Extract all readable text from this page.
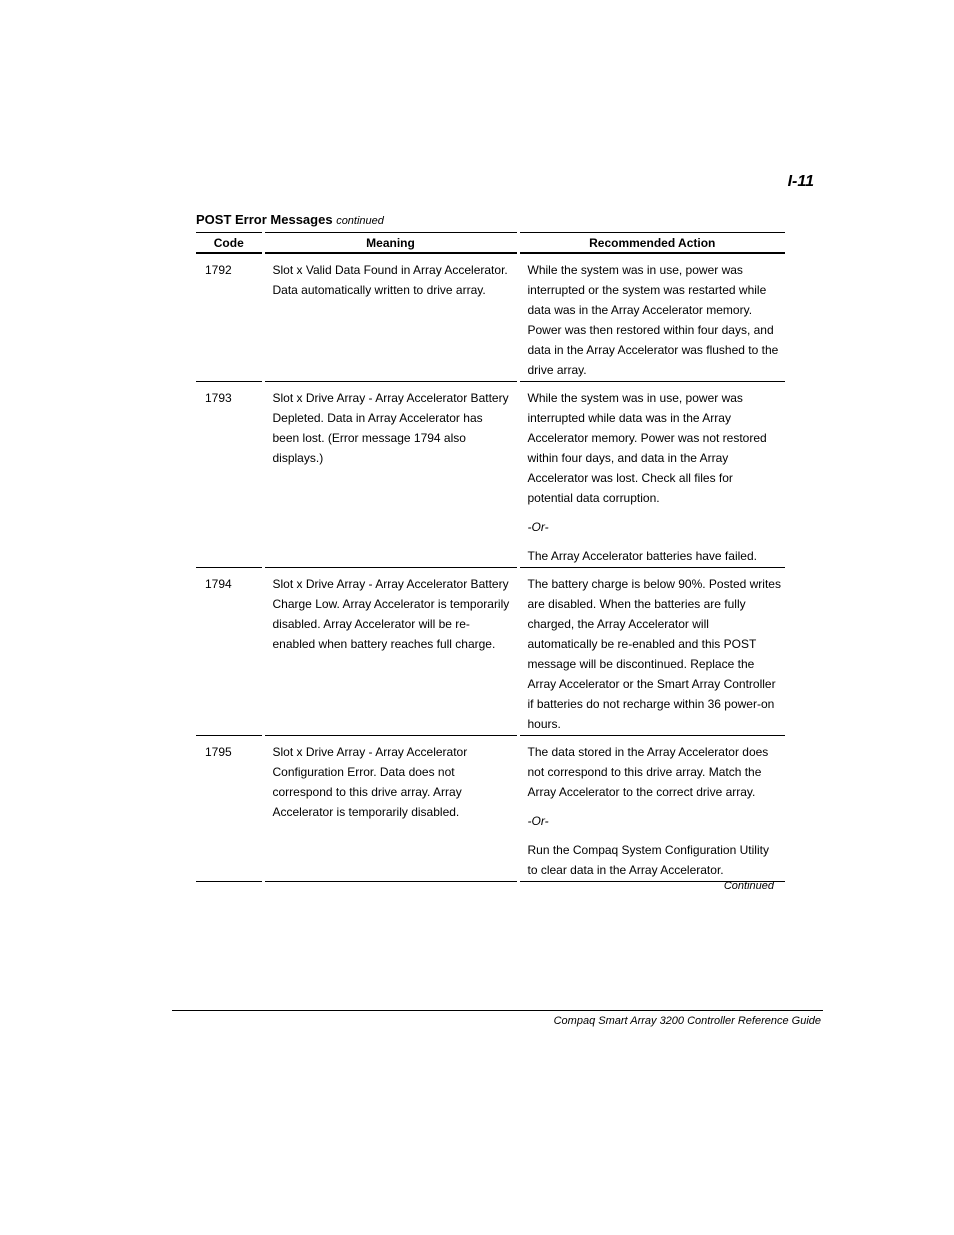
I-11
POST Error Messages continued
Code	Meaning	Recommended Action
1792	Slot x Valid Data Found in Array Accelerator. Data automatically written to drive array.	While the system was in use, power was interrupted or the system was restarted while data was in the Array Accelerator memory. Power was then restored within four days, and data in the Array Accelerator was flushed to the drive array.

1793	Slot x Drive Array - Array Accelerator Battery Depleted. Data in Array Accelerator has been lost. (Error message 1794 also displays.)	While the system was in use, power was interrupted while data was in the Array Accelerator memory. Power was not restored within four days, and data in the Array Accelerator was lost. Check all files for potential data corruption.

-Or-

The Array Accelerator batteries have failed.

1794	Slot x Drive Array - Array Accelerator Battery Charge Low. Array Accelerator is temporarily disabled. Array Accelerator will be re-enabled when battery reaches full charge.	The battery charge is below 90%. Posted writes are disabled. When the batteries are fully charged, the Array Accelerator will automatically be re-enabled and this POST message will be discontinued. Replace the Array Accelerator or the Smart Array Controller if batteries do not recharge within 36 power-on hours.

1795	Slot x Drive Array - Array Accelerator Configuration Error. Data does not correspond to this drive array. Array Accelerator is temporarily disabled.	The data stored in the Array Accelerator does not correspond to this drive array. Match the Array Accelerator to the correct drive array.

-Or-

Run the Compaq System Configuration Utility to clear data in the Array Accelerator.

Continued
Compaq Smart Array 3200 Controller Reference Guide
